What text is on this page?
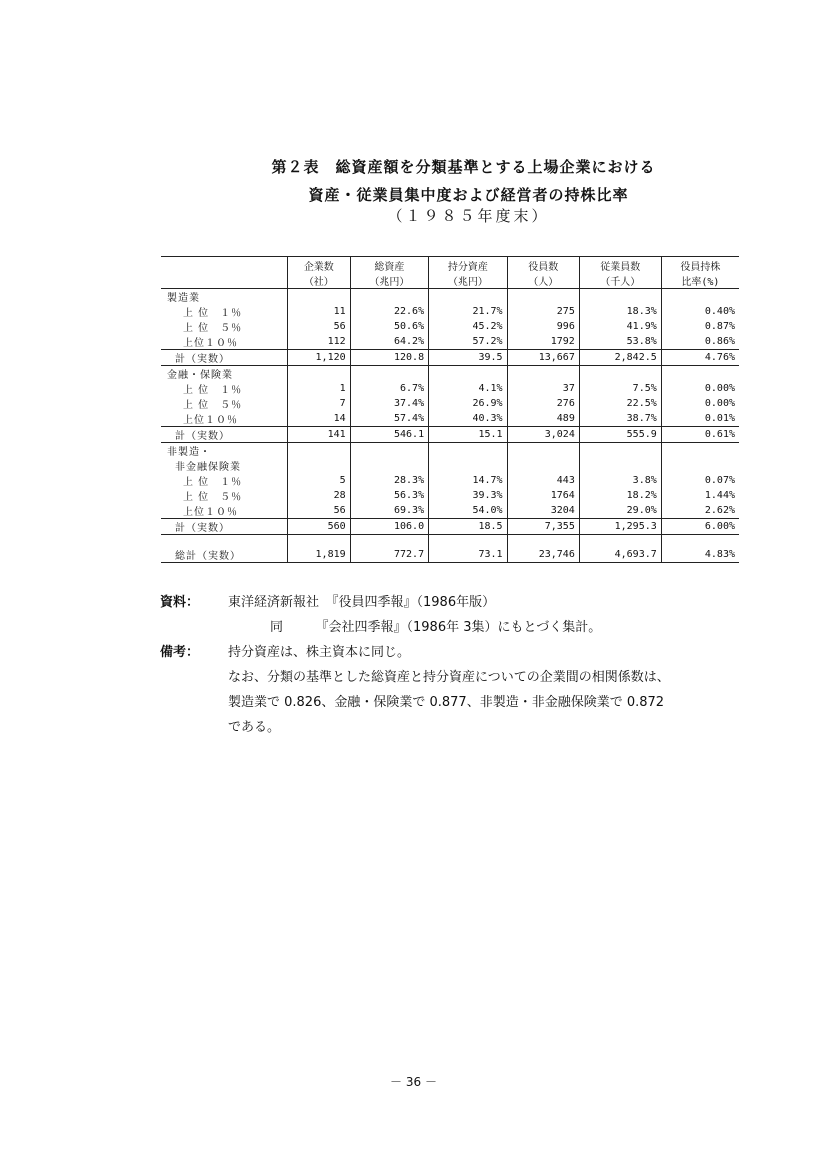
第２表　総資産額を分類基準とする上場企業における
資産・従業員集中度および経営者の持株比率
（１９８５年度末）
	企業数	総資産	持分資産	役員数	従業員数	役員持株
	（社）	（兆円）	（兆円）	（人）	（千人）	比率(%)
製造業						
上 位　１％	11	22.6%	21.7%	275	18.3%	0.40%
上 位　５％	56	50.6%	45.2%	996	41.9%	0.87%
上位１０％	112	64.2%	57.2%	1792	53.8%	0.86%
計（実数）	1,120	120.8	39.5	13,667	2,842.5	4.76%
金融・保険業						
上 位　１％	1	6.7%	4.1%	37	7.5%	0.00%
上 位　５％	7	37.4%	26.9%	276	22.5%	0.00%
上位１０％	14	57.4%	40.3%	489	38.7%	0.01%
計（実数）	141	546.1	15.1	3,024	555.9	0.61%
非製造・						
非金融保険業						
上 位　１％	5	28.3%	14.7%	443	3.8%	0.07%
上 位　５％	28	56.3%	39.3%	1764	18.2%	1.44%
上位１０％	56	69.3%	54.0%	3204	29.0%	2.62%
計（実数）	560	106.0	18.5	7,355	1,295.3	6.00%

総計（実数）	1,819	772.7	73.1	23,746	4,693.7	4.83%
資料：	東洋経済新報社　『役員四季報』（1986年版）
同　　　『会社四季報』（1986年 3集）にもとづく集計。
備考：	持分資産は、株主資本に同じ。
なお、分類の基準とした総資産と持分資産についての企業間の相関係数は、
製造業で 0.826、金融・保険業で 0.877、非製造・非金融保険業で 0.872
である。
－ 36 －
